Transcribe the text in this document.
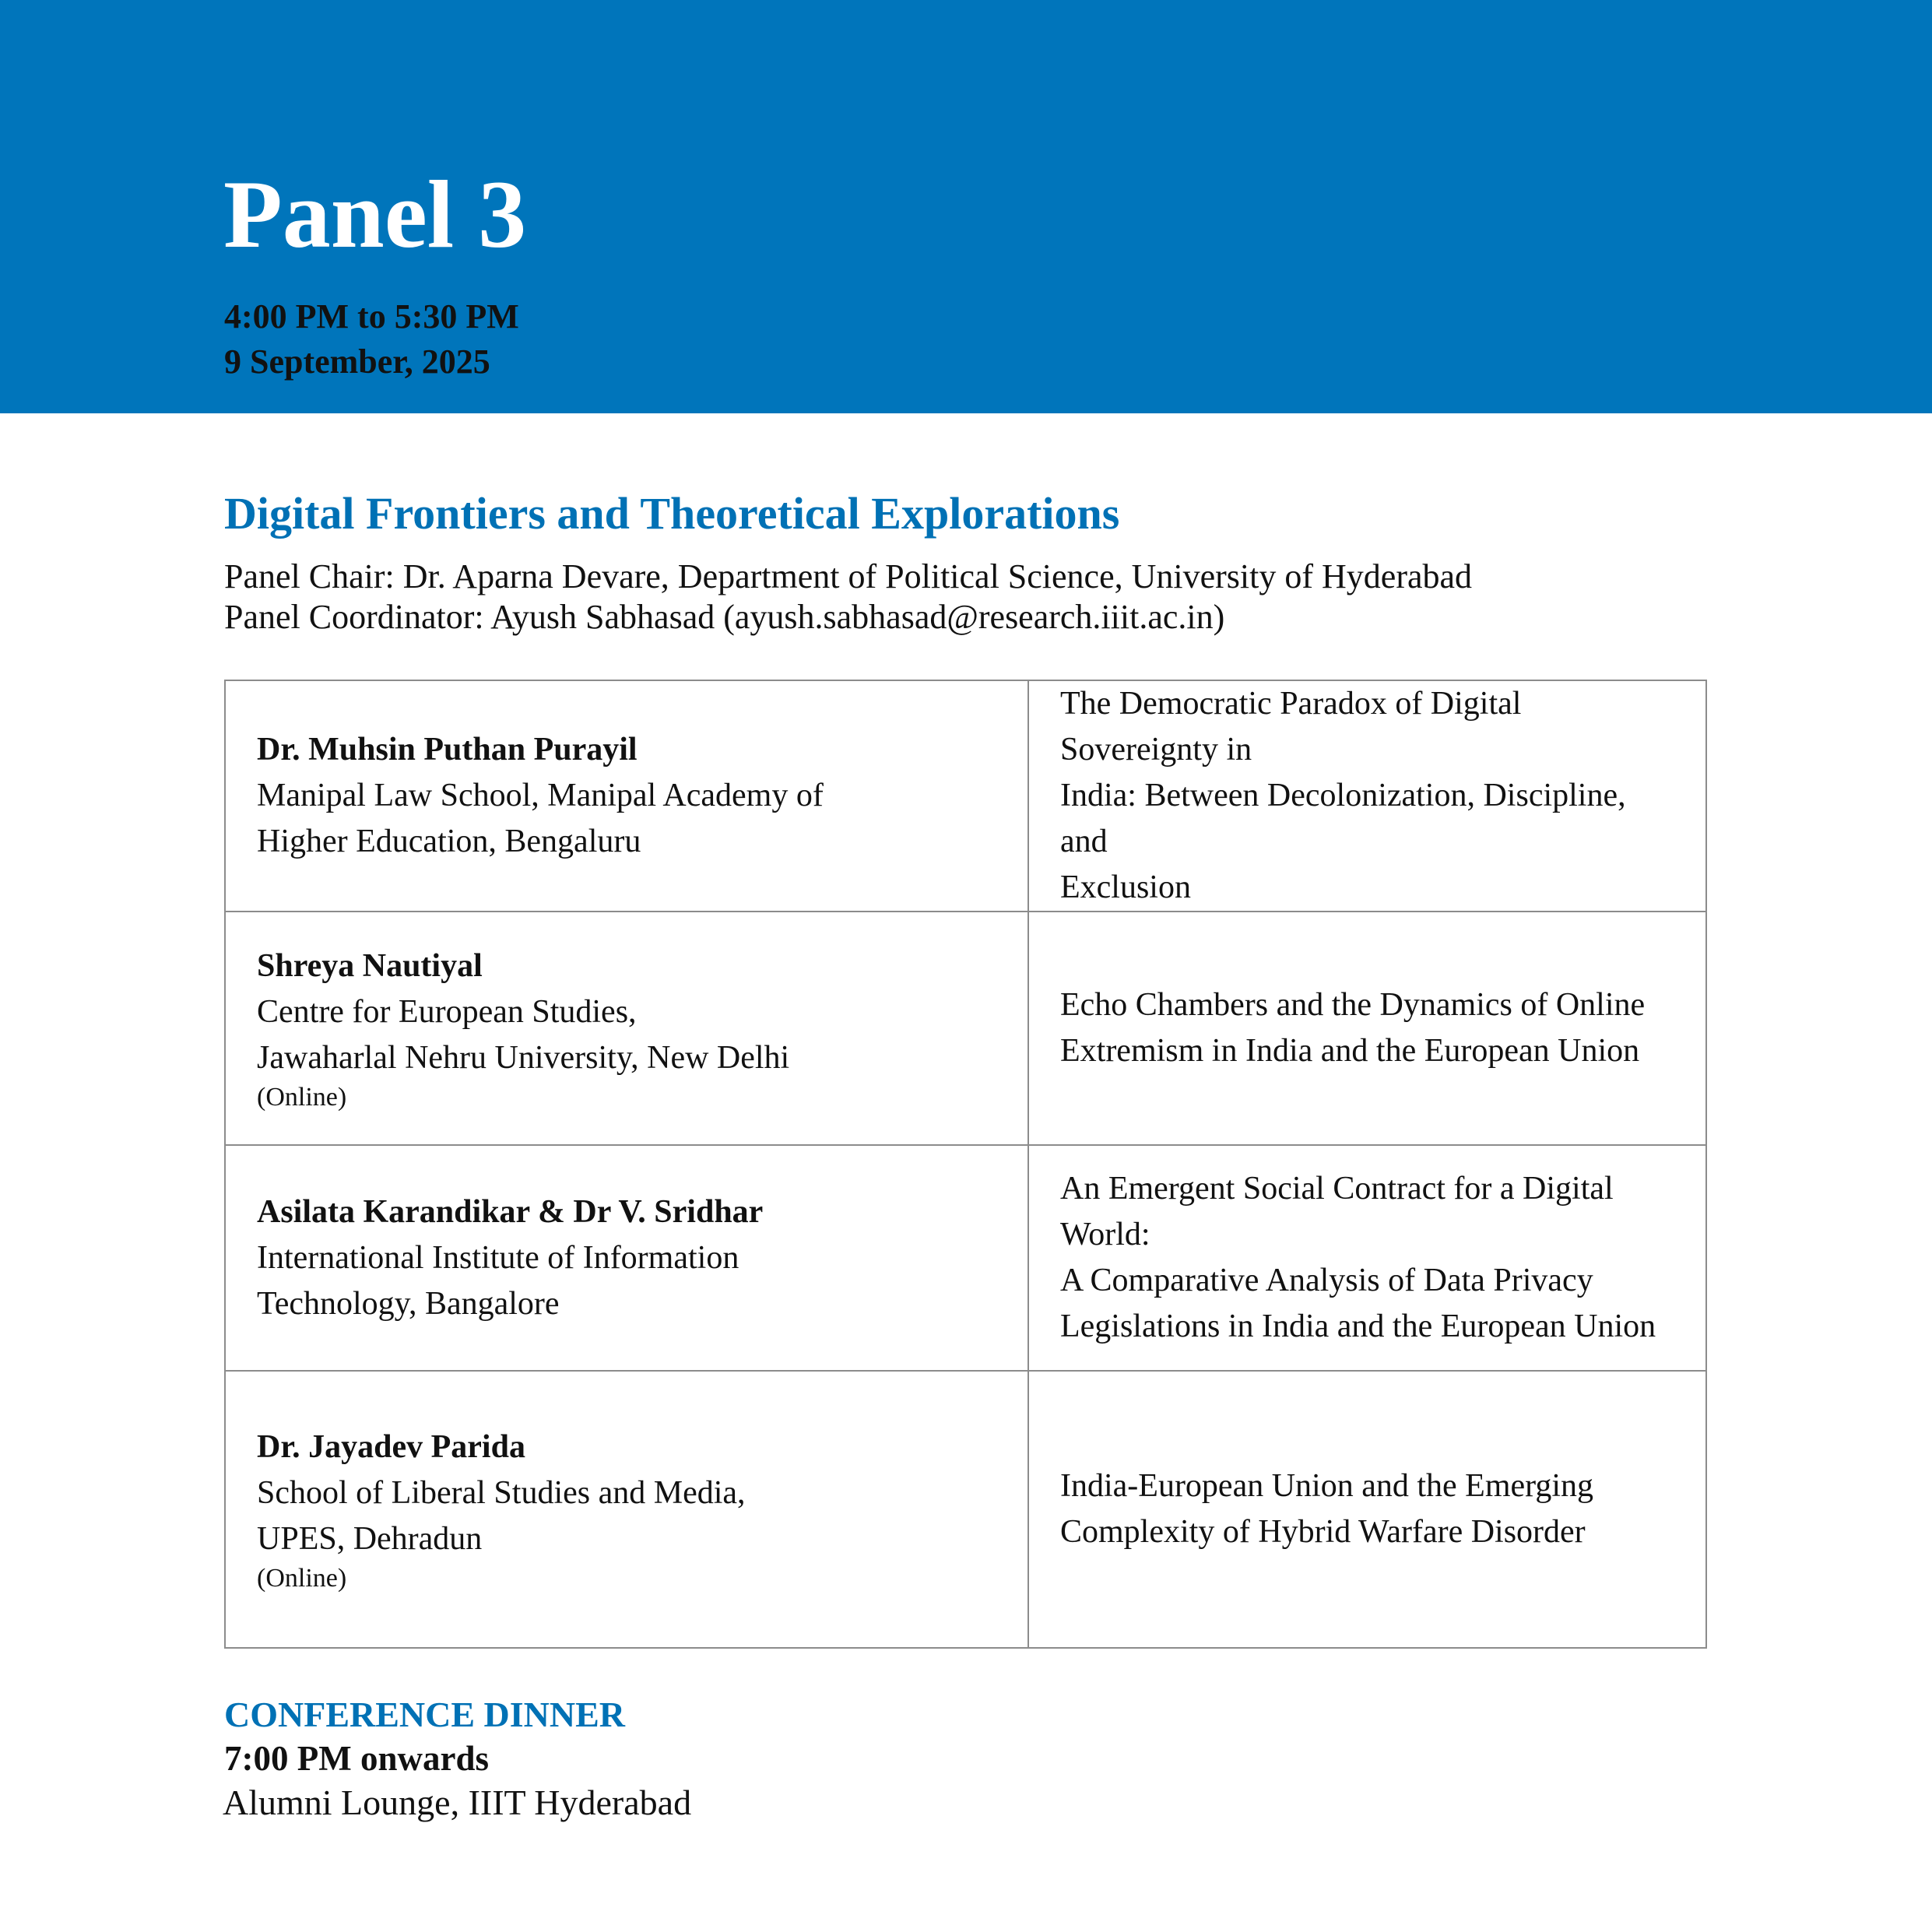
Panel 3

4:00 PM to 5:30 PM

9 September, 2025

Digital Frontiers and Theoretical Explorations

Panel Chair: Dr. Aparna Devare, Department of Political Science, University of Hyderabad

Panel Coordinator: Ayush Sabhasad (ayush.sabhasad@research.iiit.ac.in)

Dr. Muhsin Puthan Purayil
Manipal Law School, Manipal Academy of
Higher Education, Bengaluru	The Democratic Paradox of Digital Sovereignty in
India: Between Decolonization, Discipline, and
Exclusion

Shreya Nautiyal
Centre for European Studies,
Jawaharlal Nehru University, New Delhi
(Online)	Echo Chambers and the Dynamics of Online
Extremism in India and the European Union

Asilata Karandikar & Dr V. Sridhar
International Institute of Information
Technology, Bangalore	An Emergent Social Contract for a Digital World:
A Comparative Analysis of Data Privacy
Legislations in India and the European Union

Dr. Jayadev Parida
School of Liberal Studies and Media,
UPES, Dehradun
(Online)	India-European Union and the Emerging
Complexity of Hybrid Warfare Disorder
CONFERENCE DINNER

7:00 PM onwards

Alumni Lounge, IIIT Hyderabad
